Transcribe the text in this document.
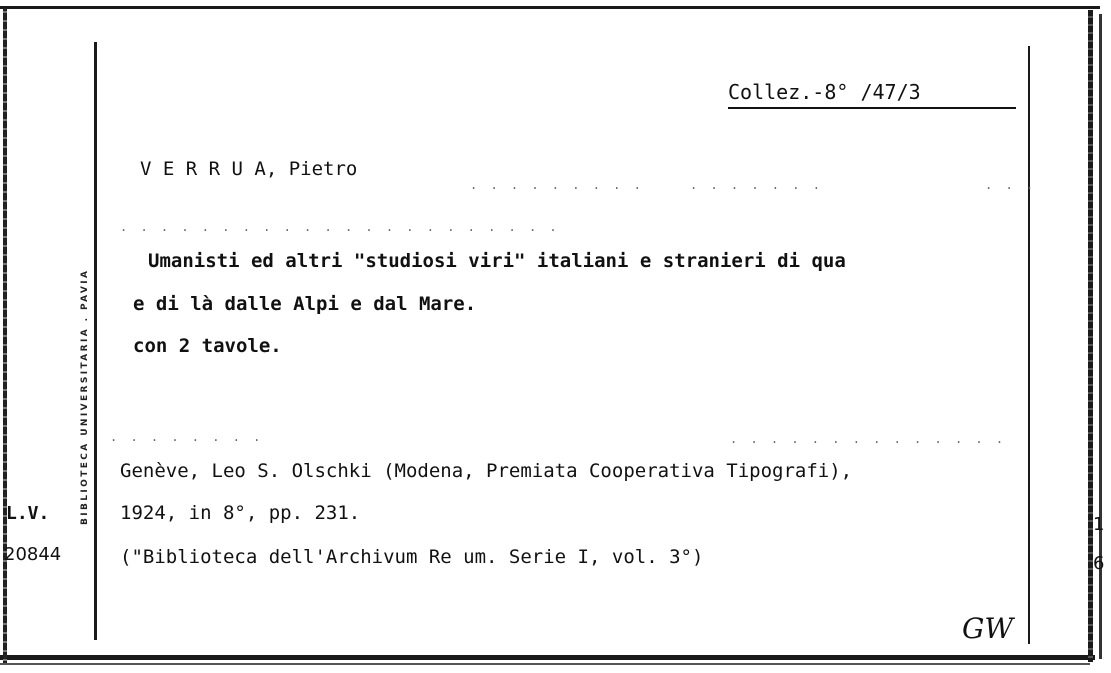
BIBLIOTECA UNIVERSITARIA . PAVIA
Collez.-8° /47/3
V E R R U A, Pietro
. . . . . . . . .	. . . . . . .	. . .
. . . . . . . . . . . . . . . . . . . . . .
Umanisti ed altri "studiosi viri" italiani e stranieri di qua
e di là dalle Alpi e dal Mare.
con 2 tavole.
. . . . . . . .	. . . . . . . . . . . . . .
Genève, Leo S. Olschki (Modena, Premiata Cooperativa Tipografi),
1924, in 8°, pp. 231.
("Biblioteca dell'Archivum Re um. Serie I, vol. 3°)
L.V.
20844
1
6
GW
